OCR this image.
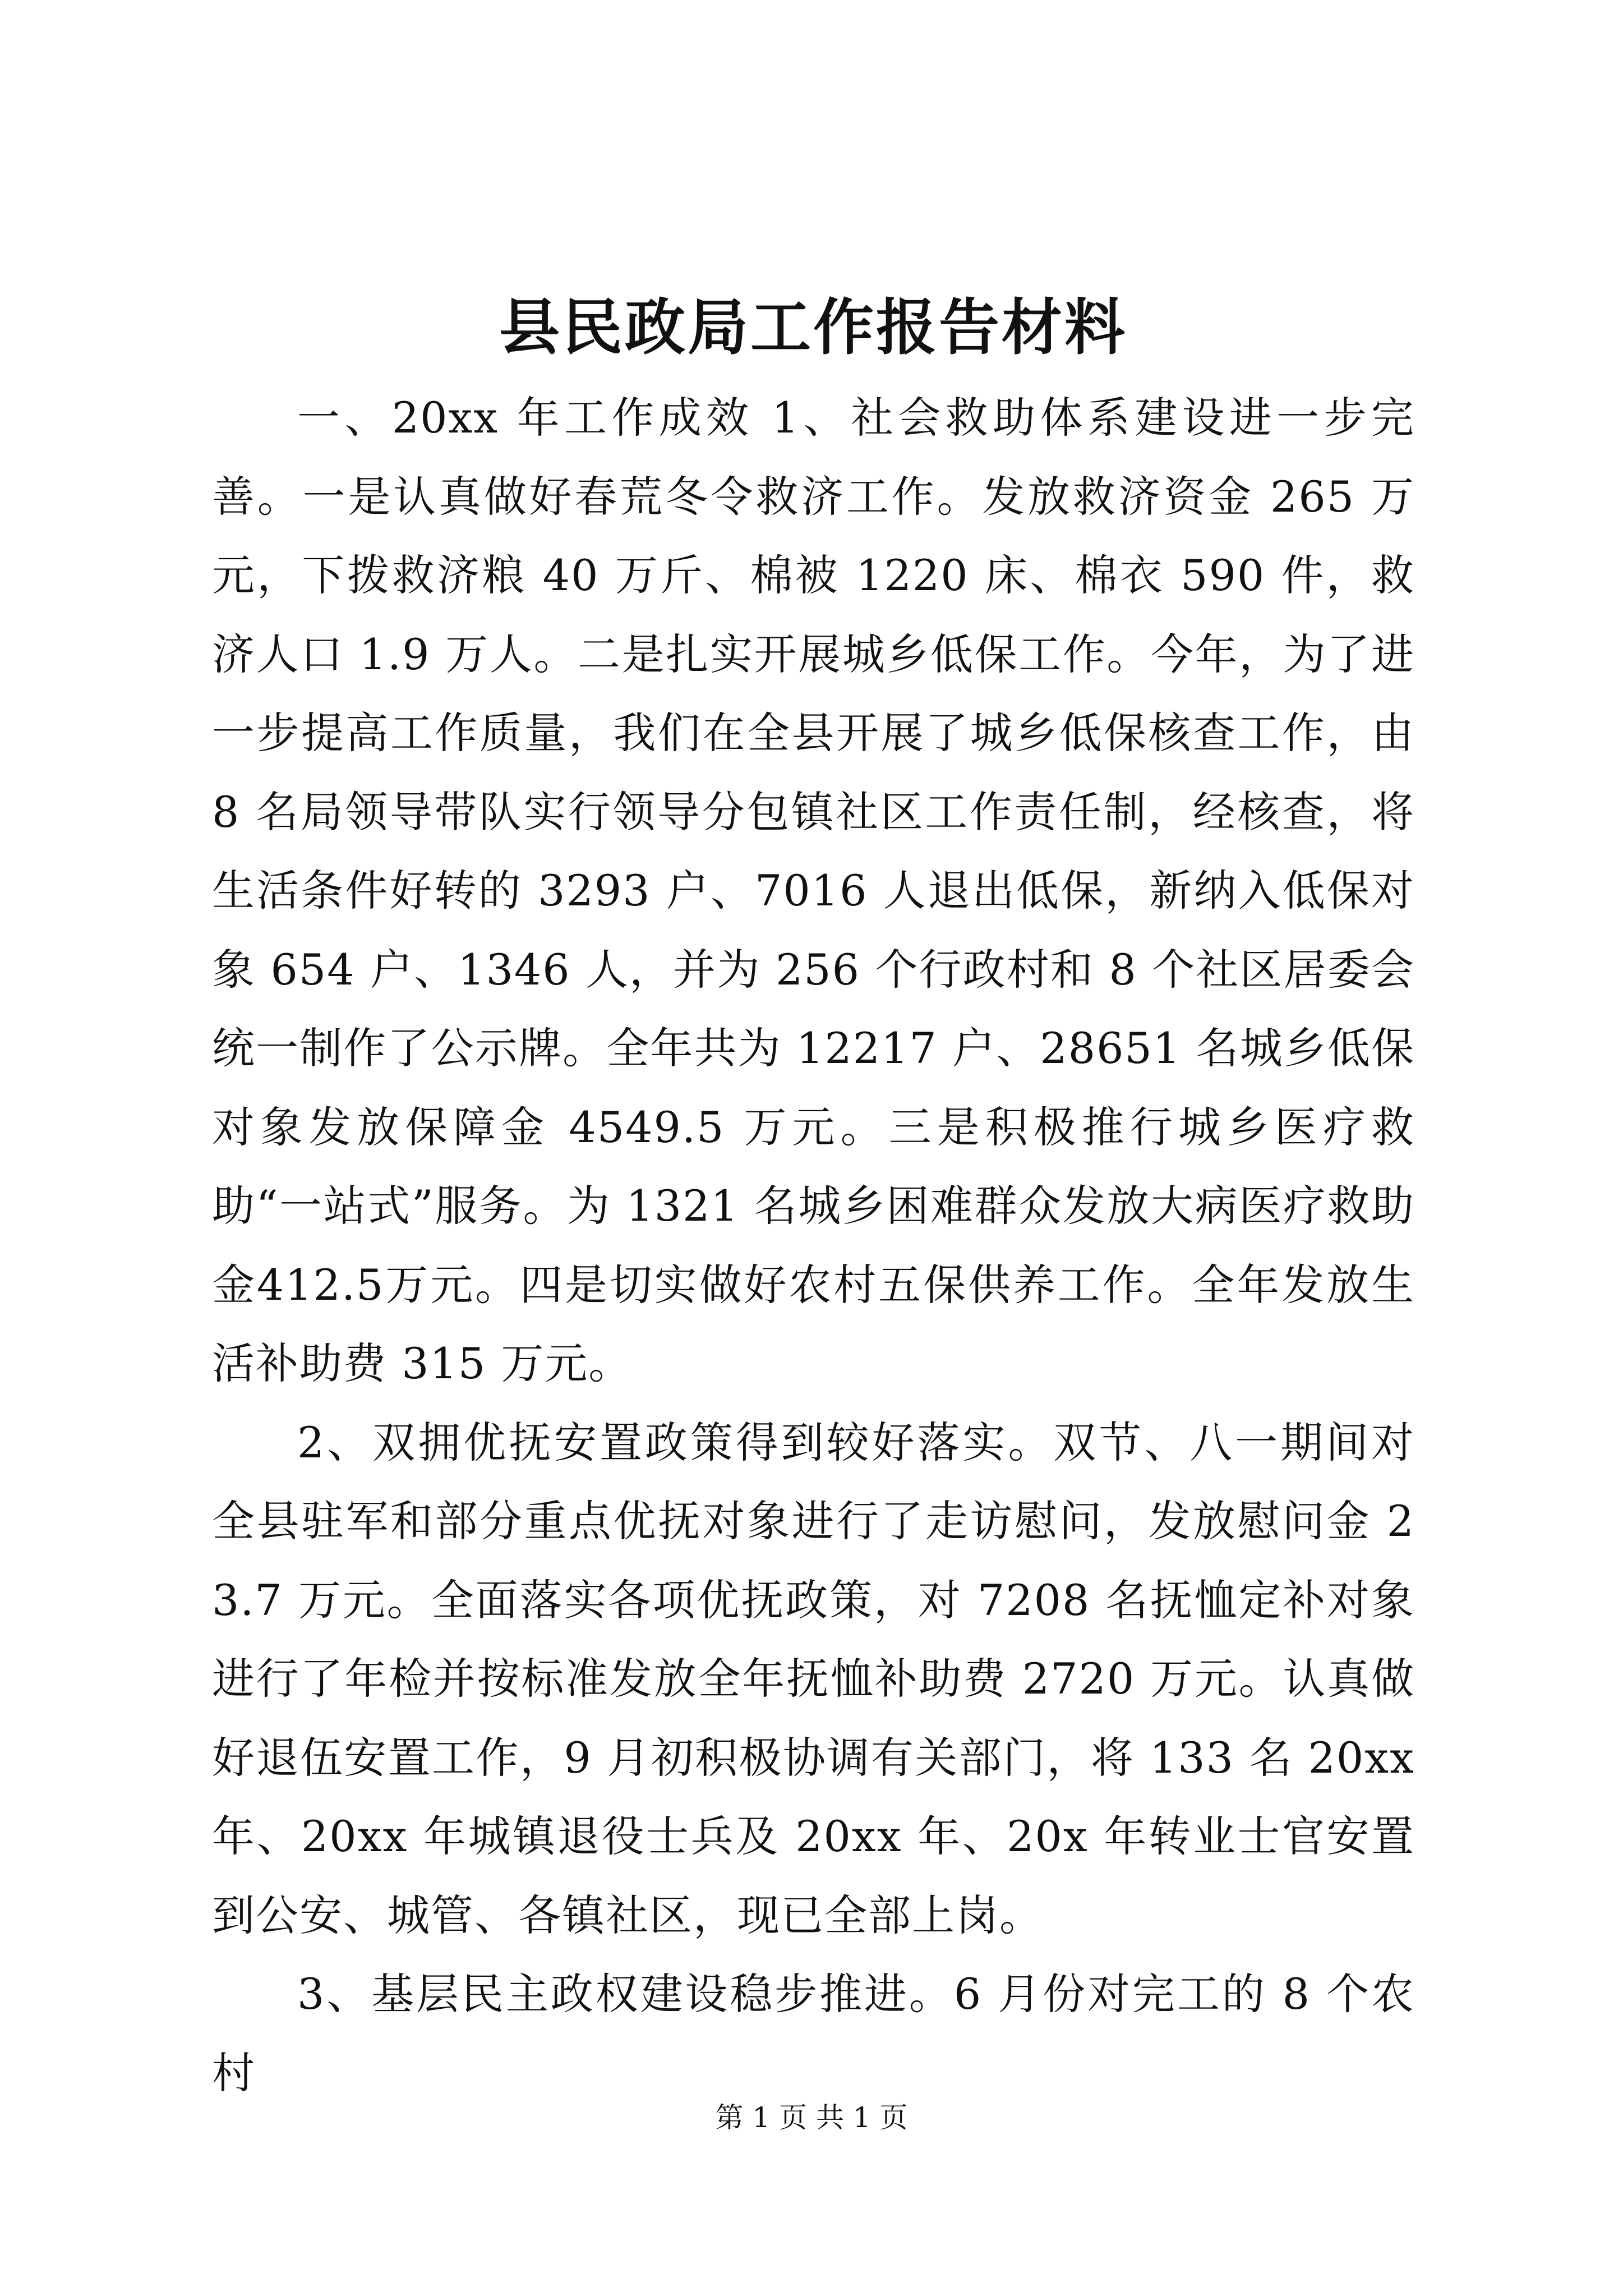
县民政局工作报告材料

一、20xx 年工作成效 1、社会救助体系建设进一步完善。一是认真做好春荒冬令救济工作。发放救济资金 265 万元，下拨救济粮 40 万斤、棉被 1220 床、棉衣 590 件，救济人口 1.9 万人。二是扎实开展城乡低保工作。今年，为了进一步提高工作质量，我们在全县开展了城乡低保核查工作，由 8 名局领导带队实行领导分包镇社区工作责任制，经核查，将生活条件好转的 3293 户、7016 人退出低保，新纳入低保对象 654 户、1346 人，并为 256 个行政村和 8 个社区居委会统一制作了公示牌。全年共为 12217 户、28651 名城乡低保对象发放保障金 4549.5 万元。三是积极推行城乡医疗救助“一站式”服务。为 1321 名城乡困难群众发放大病医疗救助金412.5万元。四是切实做好农村五保供养工作。全年发放生活补助费 315 万元。

2、双拥优抚安置政策得到较好落实。双节、八一期间对全县驻军和部分重点优抚对象进行了走访慰问，发放慰问金 23.7 万元。全面落实各项优抚政策，对 7208 名抚恤定补对象进行了年检并按标准发放全年抚恤补助费 2720 万元。认真做好退伍安置工作，9 月初积极协调有关部门，将 133 名 20xx 年、20xx 年城镇退役士兵及 20xx 年、20x 年转业士官安置到公安、城管、各镇社区，现已全部上岗。

3、基层民主政权建设稳步推进。6 月份对完工的 8 个农村

第 1 页 共 1 页
